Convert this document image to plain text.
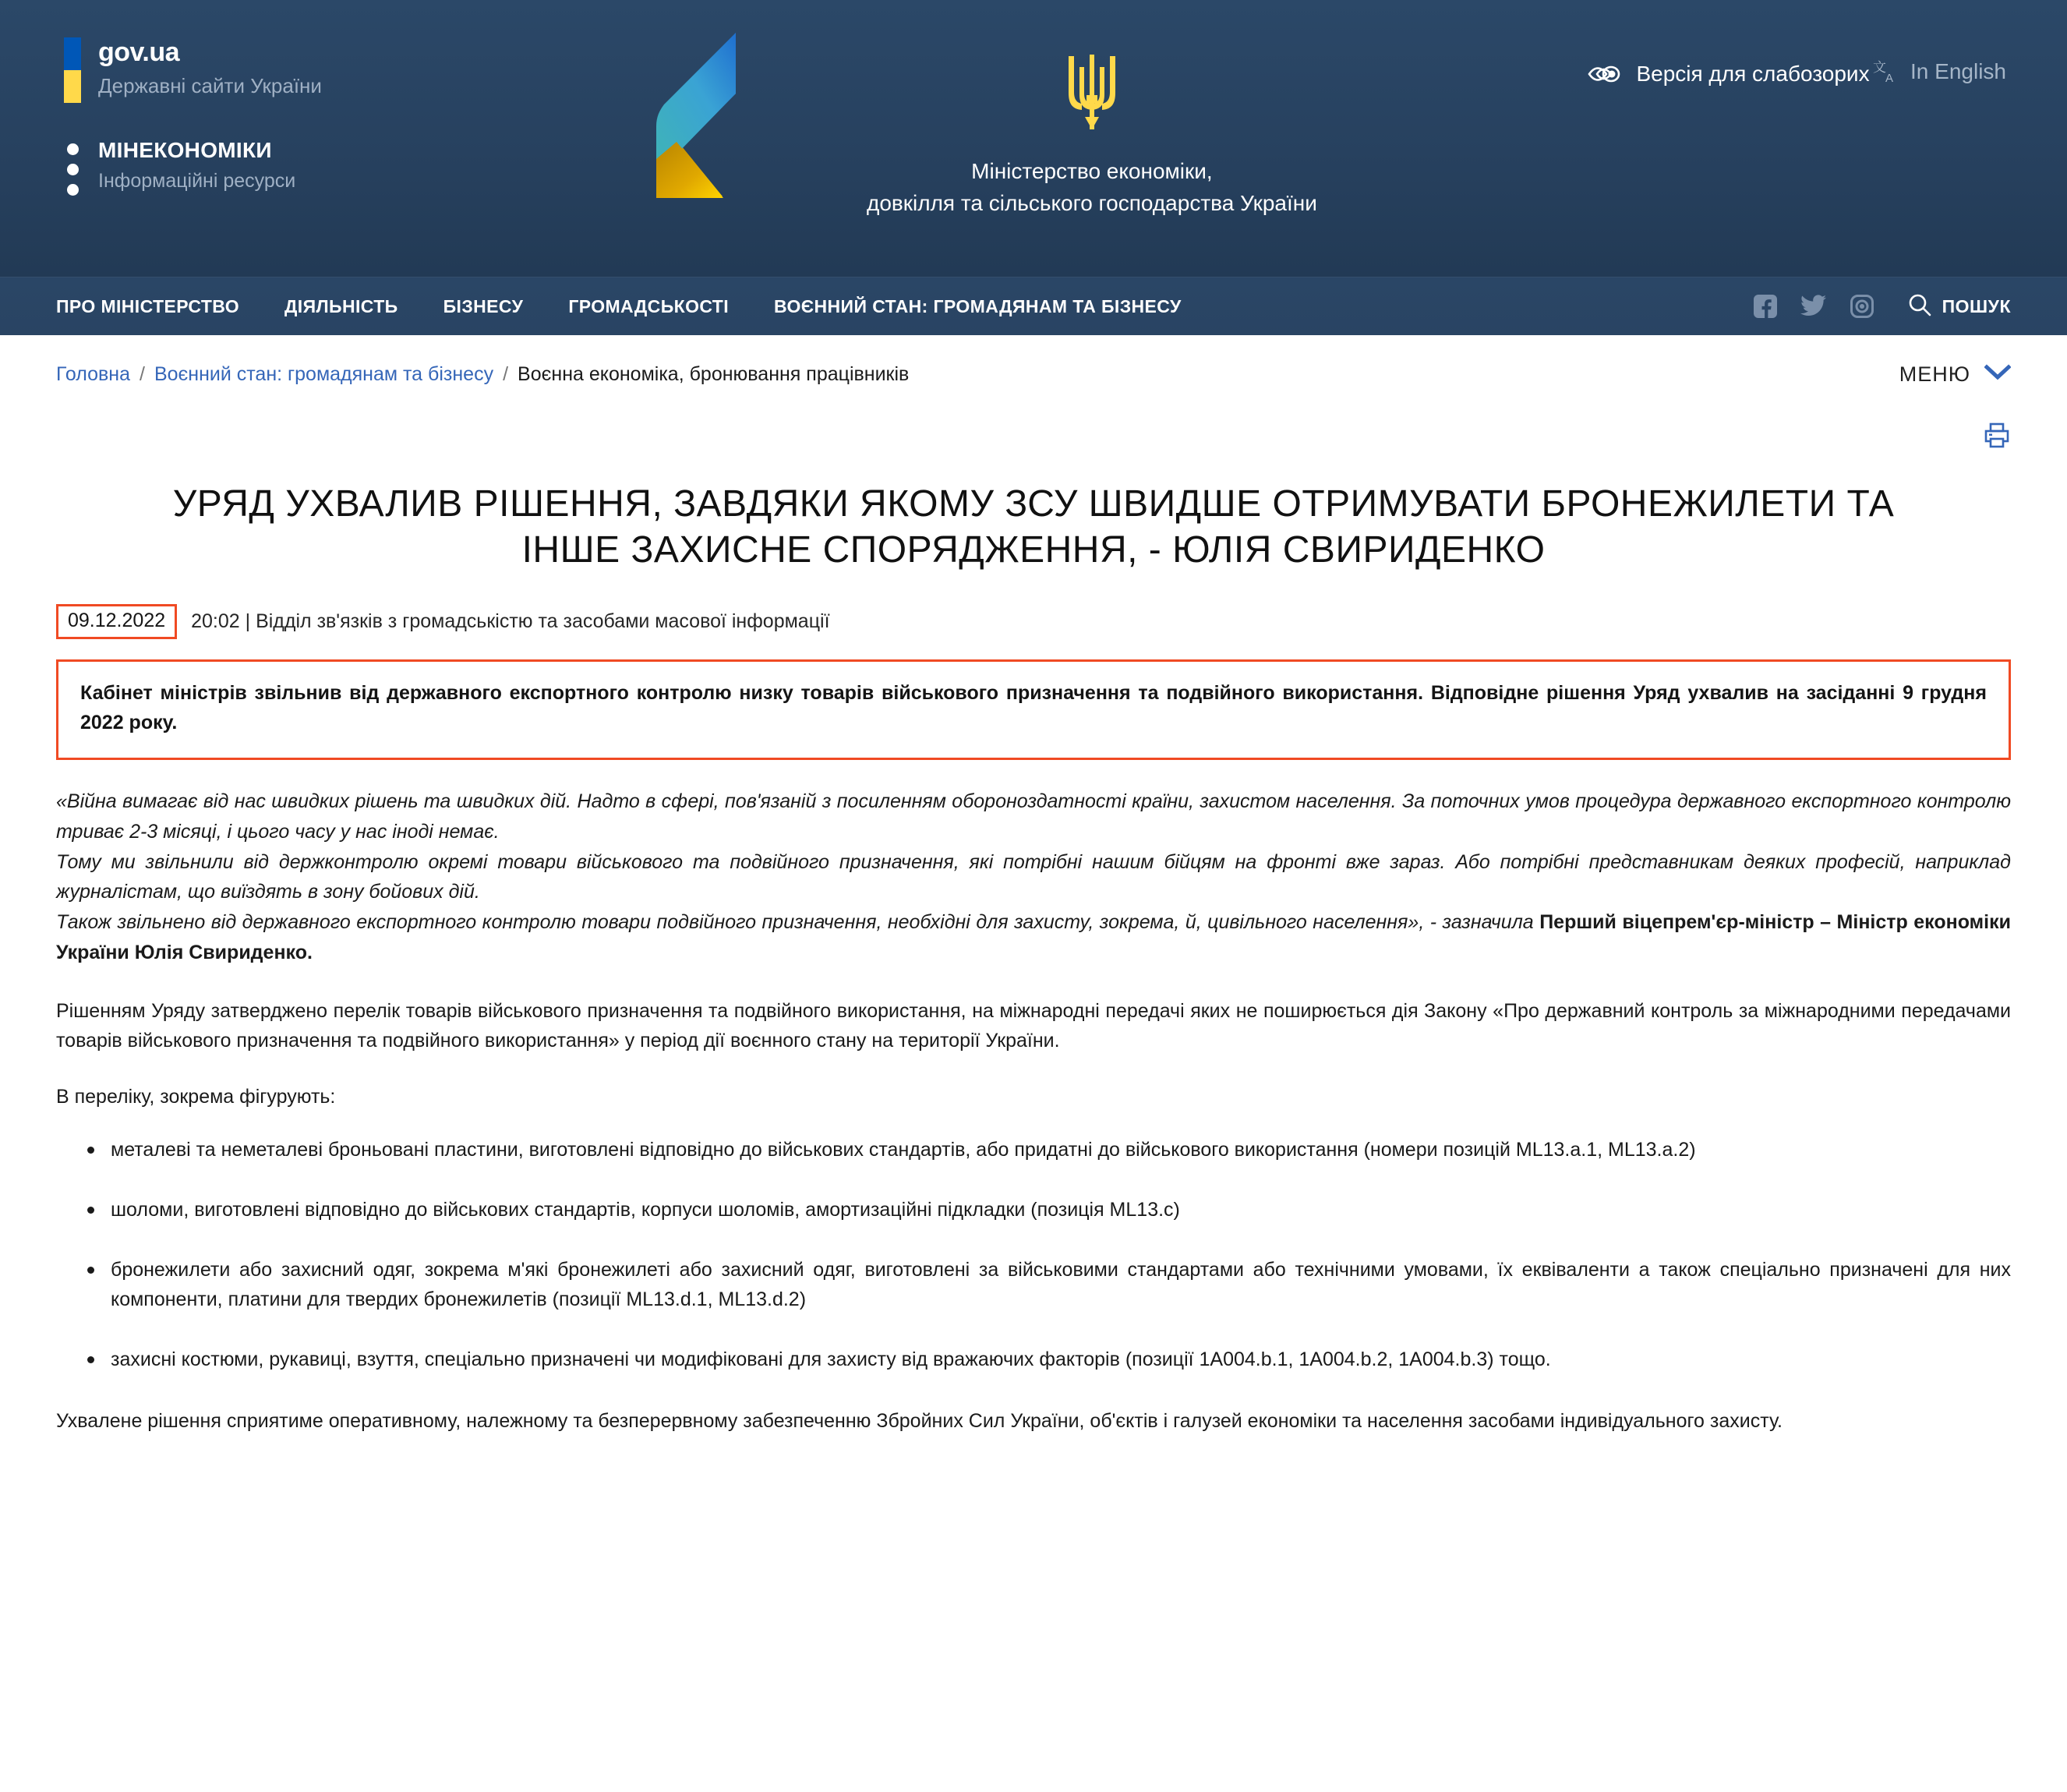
gov.ua
Державні сайти України
МІНЕКОНОМІКИ
Інформаційні ресурси	Міністерство економіки,
довкілля та сільського господарства України
Версія для слабозорих
文
A In English
ПРО МІНІСТЕРСТВО	ДІЯЛЬНІСТЬ	БІЗНЕСУ	ГРОМАДСЬКОСТІ	ВОЄННИЙ СТАН: ГРОМАДЯНАМ ТА БІЗНЕСУ	ПОШУК
Головна / Воєнний стан: громадянам та бізнесу / Воєнна економіка, бронювання працівників	МЕНЮ
УРЯД УХВАЛИВ РІШЕННЯ, ЗАВДЯКИ ЯКОМУ ЗСУ ШВИДШЕ ОТРИМУВАТИ БРОНЕЖИЛЕТИ ТА ІНШЕ ЗАХИСНЕ СПОРЯДЖЕННЯ, - ЮЛІЯ СВИРИДЕНКО
09.12.2022	20:02 | Відділ зв'язків з громадськістю та засобами масової інформації
Кабінет міністрів звільнив від державного експортного контролю низку товарів військового призначення та подвійного використання. Відповідне рішення Уряд ухвалив на засіданні 9 грудня 2022 року.

«Війна вимагає від нас швидких рішень та швидких дій. Надто в сфері, пов'язаній з посиленням обороноздатності країни, захистом населення. За поточних умов процедура державного експортного контролю триває 2-3 місяці, і цього часу у нас іноді немає.

Тому ми звільнили від держконтролю окремі товари військового та подвійного призначення, які потрібні нашим бійцям на фронті вже зараз. Або потрібні представникам деяких професій, наприклад журналістам, що виїздять в зону бойових дій.

Також звільнено від державного експортного контролю товари подвійного призначення, необхідні для захисту, зокрема, й, цивільного населення», - зазначила Перший віцепрем'єр-міністр – Міністр економіки України Юлія Свириденко.

Рішенням Уряду затверджено перелік товарів військового призначення та подвійного використання, на міжнародні передачі яких не поширюється дія Закону «Про державний контроль за міжнародними передачами товарів військового призначення та подвійного використання» у період дії воєнного стану на території України.

В переліку, зокрема фігурують:

металеві та неметалеві броньовані пластини, виготовлені відповідно до військових стандартів, або придатні до військового використання (номери позицій ML13.a.1, ML13.a.2)
шоломи, виготовлені відповідно до військових стандартів, корпуси шоломів, амортизаційні підкладки (позиція ML13.c)
бронежилети або захисний одяг, зокрема м'які бронежилеті або захисний одяг, виготовлені за військовими стандартами або технічними умовами, їх еквіваленти а також спеціально призначені для них компоненти, платини для твердих бронежилетів (позиції ML13.d.1, ML13.d.2)
захисні костюми, рукавиці, взуття, спеціально призначені чи модифіковані для захисту від вражаючих факторів (позиції 1A004.b.1, 1A004.b.2, 1A004.b.3) тощо.

Ухвалене рішення сприятиме оперативному, належному та безперервному забезпеченню Збройних Сил України, об'єктів і галузей економіки та населення засобами індивідуального захисту.
